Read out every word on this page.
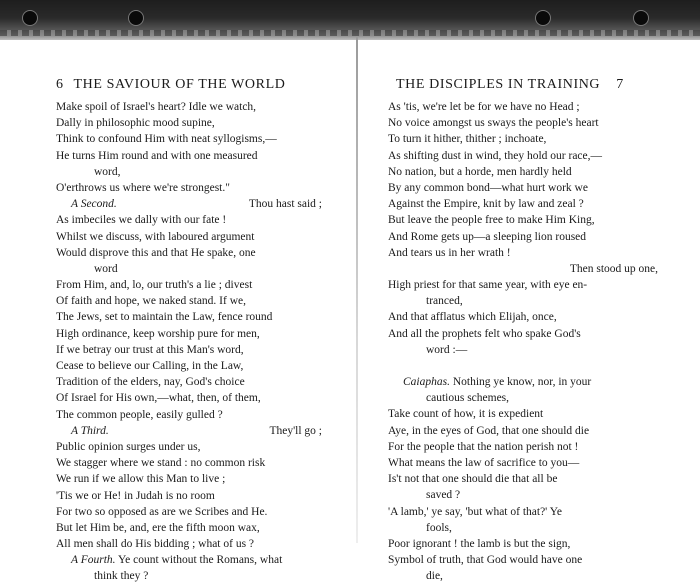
6 THE SAVIOUR OF THE WORLD
Make spoil of Israel's heart? Idle we watch,
Dally in philosophic mood supine,
Think to confound Him with neat syllogisms,—
He turns Him round and with one measured
word,
O'erthrows us where we're strongest."
A Second.	Thou hast said ;
As imbeciles we dally with our fate !
Whilst we discuss, with laboured argument
Would disprove this and that He spake, one
word
From Him, and, lo, our truth's a lie ; divest
Of faith and hope, we naked stand. If we,
The Jews, set to maintain the Law, fence round
High ordinance, keep worship pure for men,
If we betray our trust at this Man's word,
Cease to believe our Calling, in the Law,
Tradition of the elders, nay, God's choice
Of Israel for His own,—what, then, of them,
The common people, easily gulled ?
A Third.	They'll go ;
Public opinion surges under us,
We stagger where we stand : no common risk
We run if we allow this Man to live ;
'Tis we or He! in Judah is no room
For two so opposed as are we Scribes and He.
But let Him be, and, ere the fifth moon wax,
All men shall do His bidding ; what of us ?
A Fourth. Ye count without the Romans, what
think they ?
THE DISCIPLES IN TRAINING 7
As 'tis, we're let be for we have no Head ;
No voice amongst us sways the people's heart
To turn it hither, thither ; inchoate,
As shifting dust in wind, they hold our race,—
No nation, but a horde, men hardly held
By any common bond—what hurt work we
Against the Empire, knit by law and zeal ?
But leave the people free to make Him King,
And Rome gets up—a sleeping lion roused
And tears us in her wrath !
Then stood up one,
High priest for that same year, with eye en-
tranced,
And that afflatus which Elijah, once,
And all the prophets felt who spake God's
word :—
Caiaphas. Nothing ye know, nor, in your
cautious schemes,
Take count of how, it is expedient
Aye, in the eyes of God, that one should die
For the people that the nation perish not !
What means the law of sacrifice to you—
Is't not that one should die that all be
saved ?
'A lamb,' ye say, 'but what of that?' Ye
fools,
Poor ignorant ! the lamb is but the sign,
Symbol of truth, that God would have one
die,
